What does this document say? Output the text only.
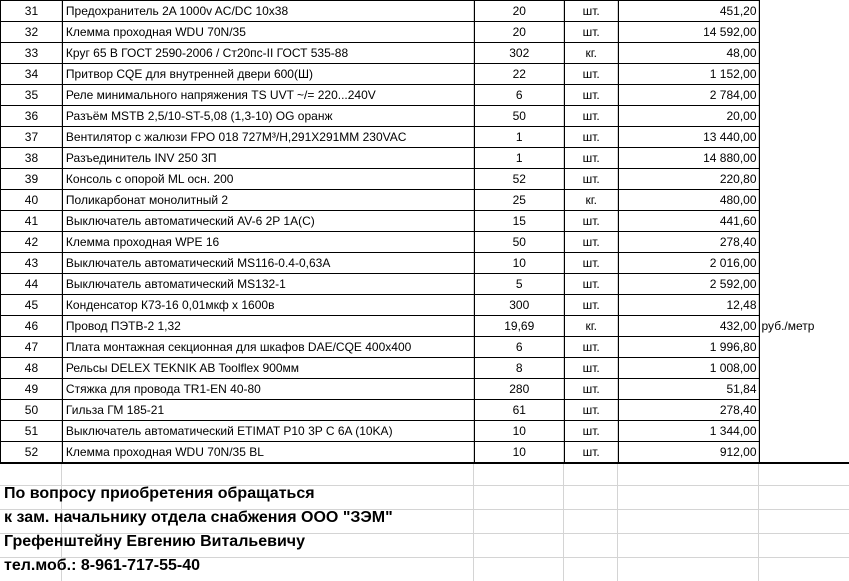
31	Предохранитель 2A 1000v AC/DC 10x38	20	шт.	451,20	
32	Клемма проходная WDU 70N/35	20	шт.	14 592,00	
33	Круг 65 В ГОСТ 2590-2006 / Ст20пс-II ГОСТ 535-88	302	кг.	48,00	
34	Притвор CQE для внутренней двери 600(Ш)	22	шт.	1 152,00	
35	Реле минимального напряжения TS UVT ~/= 220...240V	6	шт.	2 784,00	
36	Разъём MSTB 2,5/10-ST-5,08 (1,3-10) OG оранж	50	шт.	20,00	
37	Вентилятор с жалюзи FPO 018 727М³/H,291X291MM 230VAC	1	шт.	13 440,00	
38	Разъединитель INV 250 3П	1	шт.	14 880,00	
39	Консоль с опорой ML осн. 200	52	шт.	220,80	
40	Поликарбонат монолитный 2	25	кг.	480,00	
41	Выключатель автоматический AV-6 2P 1A(C)	15	шт.	441,60	
42	Клемма проходная WPE 16	50	шт.	278,40	
43	Выключатель автоматический MS116-0.4-0,63A	10	шт.	2 016,00	
44	Выключатель автоматический MS132-1	5	шт.	2 592,00	
45	Конденсатор К73-16 0,01мкф х 1600в	300	шт.	12,48	
46	Провод ПЭТВ-2 1,32	19,69	кг.	432,00	руб./метр
47	Плата монтажная секционная для шкафов DAE/CQE 400x400	6	шт.	1 996,80	
48	Рельсы DELEX TEKNIK AB Toolflex 900мм	8	шт.	1 008,00	
49	Стяжка для провода TR1-EN 40-80	280	шт.	51,84	
50	Гильза ГМ 185-21	61	шт.	278,40	
51	Выключатель автоматический ETIMAT P10 3P C 6A (10KA)	10	шт.	1 344,00	
52	Клемма проходная WDU 70N/35 BL	10	шт.	912,00	
По вопросу приобретения обращаться
к зам. начальнику отдела снабжения ООО "ЗЭМ"
Грефенштейну Евгению Витальевичу
тел.моб.: 8-961-717-55-40
